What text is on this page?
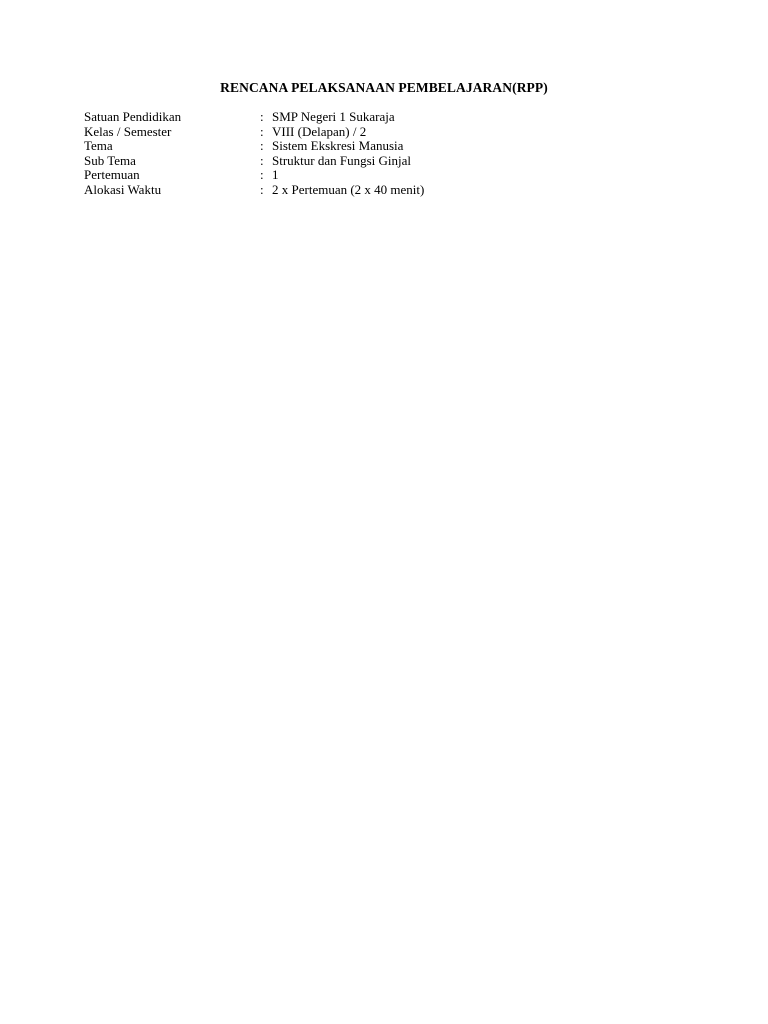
RENCANA PELAKSANAAN PEMBELAJARAN(RPP)
Satuan Pendidikan	: SMP Negeri 1 Sukaraja
Kelas / Semester	: VIII (Delapan) / 2
Tema	: Sistem Ekskresi Manusia
Sub Tema	: Struktur dan Fungsi Ginjal
Pertemuan	: 1
Alokasi Waktu	: 2 x Pertemuan (2 x 40 menit)
